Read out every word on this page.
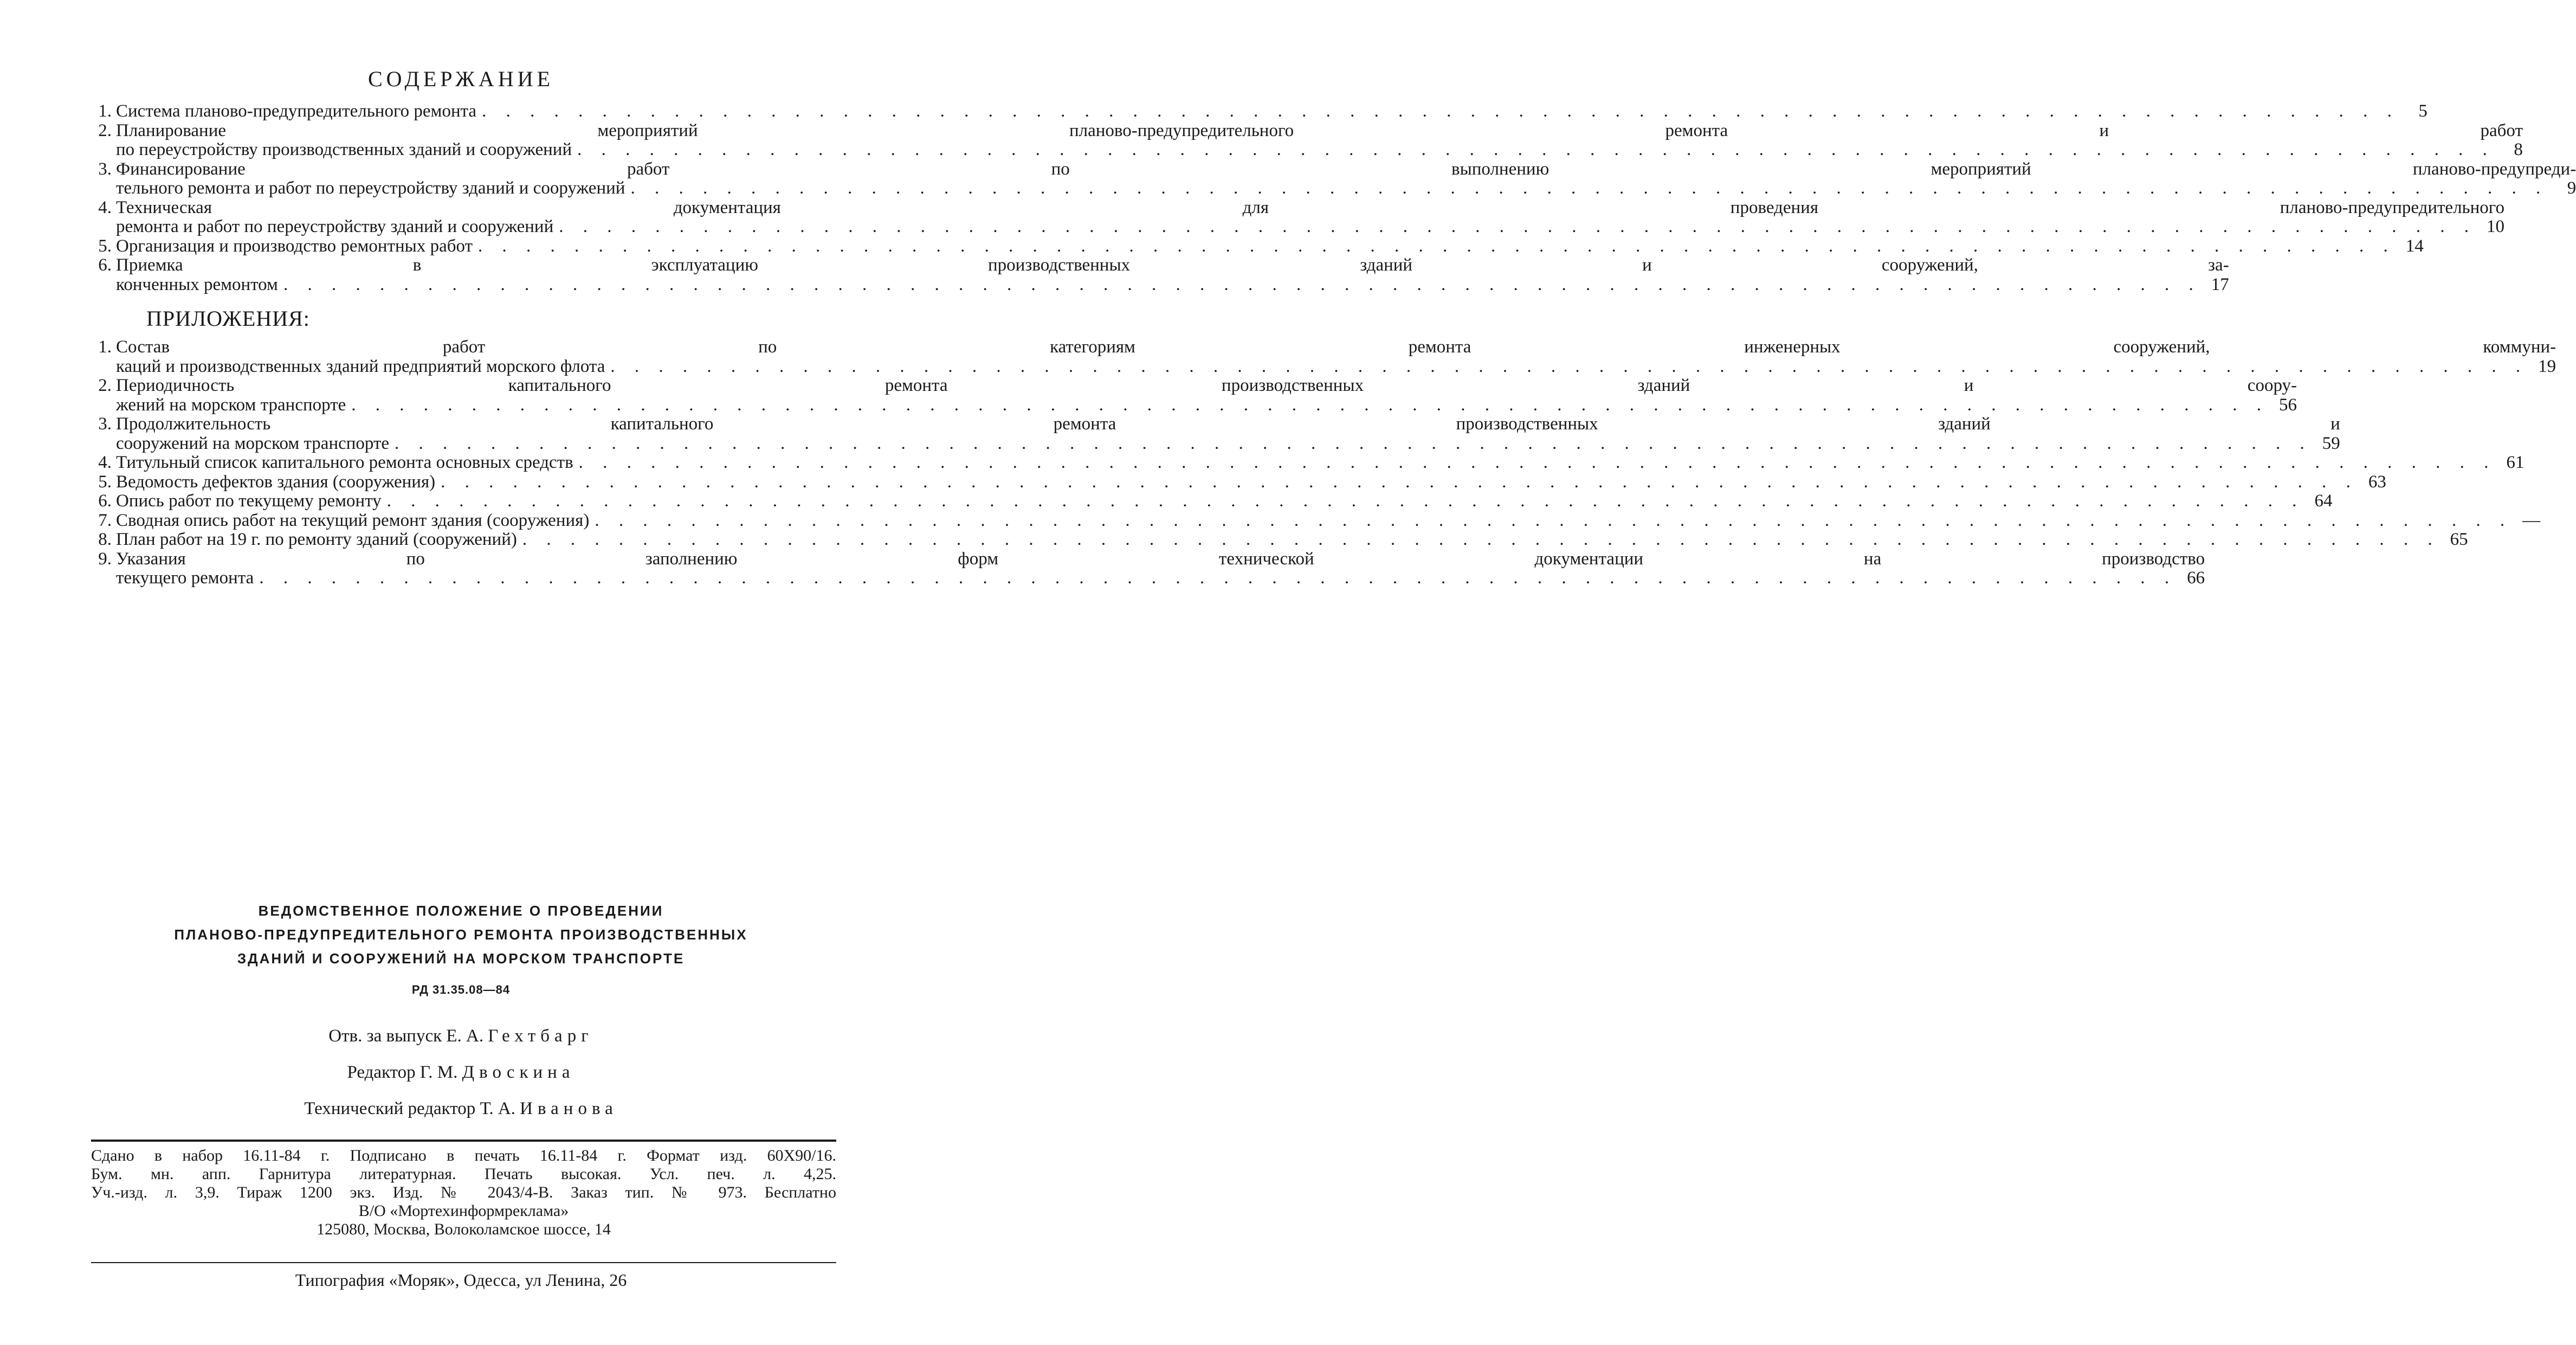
СОДЕРЖАНИЕ
1. Система планово-предупредительного ремонта . . . . . . . . . . . . . . . . . . . . . . . . . . . . . . . . . . . . . . . . . . . . . . . . . . . . . . . . . . . . . . . . . . . . . . . . . . . . . . . .	5
2. Планирование мероприятий планово-предупредительного ремонта и работ
по переустройству производственных зданий и сооружений . . . . . . . . . . . . . . . . . . . . . . . . . . . . . . . . . . . . . . . . . . . . . . . . . . . . . . . . . . . . . . . . . . . . . . . . . . . . . . . .	8
3. Финансирование работ по выполнению мероприятий планово-предупреди-
тельного ремонта и работ по переустройству зданий и сооружений . . . . . . . . . . . . . . . . . . . . . . . . . . . . . . . . . . . . . . . . . . . . . . . . . . . . . . . . . . . . . . . . . . . . . . . . . . . . . . . .	9
4. Техническая документация для проведения планово-предупредительного
ремонта и работ по переустройству зданий и сооружений . . . . . . . . . . . . . . . . . . . . . . . . . . . . . . . . . . . . . . . . . . . . . . . . . . . . . . . . . . . . . . . . . . . . . . . . . . . . . . . . 10
5. Организация и производство ремонтных работ . . . . . . . . . . . . . . . . . . . . . . . . . . . . . . . . . . . . . . . . . . . . . . . . . . . . . . . . . . . . . . . . . . . . . . . . . . . . . . . . 14
6. Приемка в эксплуатацию производственных зданий и сооружений, за-
конченных ремонтом . . . . . . . . . . . . . . . . . . . . . . . . . . . . . . . . . . . . . . . . . . . . . . . . . . . . . . . . . . . . . . . . . . . . . . . . . . . . . . . . 17
ПРИЛОЖЕНИЯ:
1. Состав работ по категориям ремонта инженерных сооружений, коммуни-
каций и производственных зданий предприятий морского флота . . . . . . . . . . . . . . . . . . . . . . . . . . . . . . . . . . . . . . . . . . . . . . . . . . . . . . . . . . . . . . . . . . . . . . . . . . . . . . . . 19
2. Периодичность капитального ремонта производственных зданий и соору-
жений на морском транспорте . . . . . . . . . . . . . . . . . . . . . . . . . . . . . . . . . . . . . . . . . . . . . . . . . . . . . . . . . . . . . . . . . . . . . . . . . . . . . . . . 56
3. Продолжительность капитального ремонта производственных зданий и
сооружений на морском транспорте . . . . . . . . . . . . . . . . . . . . . . . . . . . . . . . . . . . . . . . . . . . . . . . . . . . . . . . . . . . . . . . . . . . . . . . . . . . . . . . . 59
4. Титульный список капитального ремонта основных средств . . . . . . . . . . . . . . . . . . . . . . . . . . . . . . . . . . . . . . . . . . . . . . . . . . . . . . . . . . . . . . . . . . . . . . . . . . . . . . . . 61
5. Ведомость дефектов здания (сооружения) . . . . . . . . . . . . . . . . . . . . . . . . . . . . . . . . . . . . . . . . . . . . . . . . . . . . . . . . . . . . . . . . . . . . . . . . . . . . . . . . 63
6. Опись работ по текущему ремонту . . . . . . . . . . . . . . . . . . . . . . . . . . . . . . . . . . . . . . . . . . . . . . . . . . . . . . . . . . . . . . . . . . . . . . . . . . . . . . . . 64
7. Сводная опись работ на текущий ремонт здания (сооружения) . . . . . . . . . . . . . . . . . . . . . . . . . . . . . . . . . . . . . . . . . . . . . . . . . . . . . . . . . . . . . . . . . . . . . . . . . . . . . . . . —
8. План работ на 19 г. по ремонту зданий (сооружений) . . . . . . . . . . . . . . . . . . . . . . . . . . . . . . . . . . . . . . . . . . . . . . . . . . . . . . . . . . . . . . . . . . . . . . . . . . . . . . . . 65
9. Указания по заполнению форм технической документации на производство
текущего ремонта . . . . . . . . . . . . . . . . . . . . . . . . . . . . . . . . . . . . . . . . . . . . . . . . . . . . . . . . . . . . . . . . . . . . . . . . . . . . . . . . 66
ВЕДОМСТВЕННОЕ ПОЛОЖЕНИЕ О ПРОВЕДЕНИИ
ПЛАНОВО-ПРЕДУПРЕДИТЕЛЬНОГО РЕМОНТА ПРОИЗВОДСТВЕННЫХ
ЗДАНИЙ И СООРУЖЕНИЙ НА МОРСКОМ ТРАНСПОРТЕ
РД 31.35.08—84
Отв. за выпуск Е. А. Гехтбарг
Редактор Г. М. Двоскина
Технический редактор Т. А. Иванова
Сдано в набор 16.11-84 г. Подписано в печать 16.11-84 г. Формат изд. 60X90/16.
Бум. мн. апп. Гарнитура литературная. Печать высокая. Усл. печ. л. 4,25.
Уч.-изд. л. 3,9. Тираж 1200 экз. Изд. № 2043/4-В. Заказ тип. № 973. Бесплатно
В/О «Мортехинформреклама»
125080, Москва, Волоколамское шоссе, 14
Типография «Моряк», Одесса, ул Ленина, 26
